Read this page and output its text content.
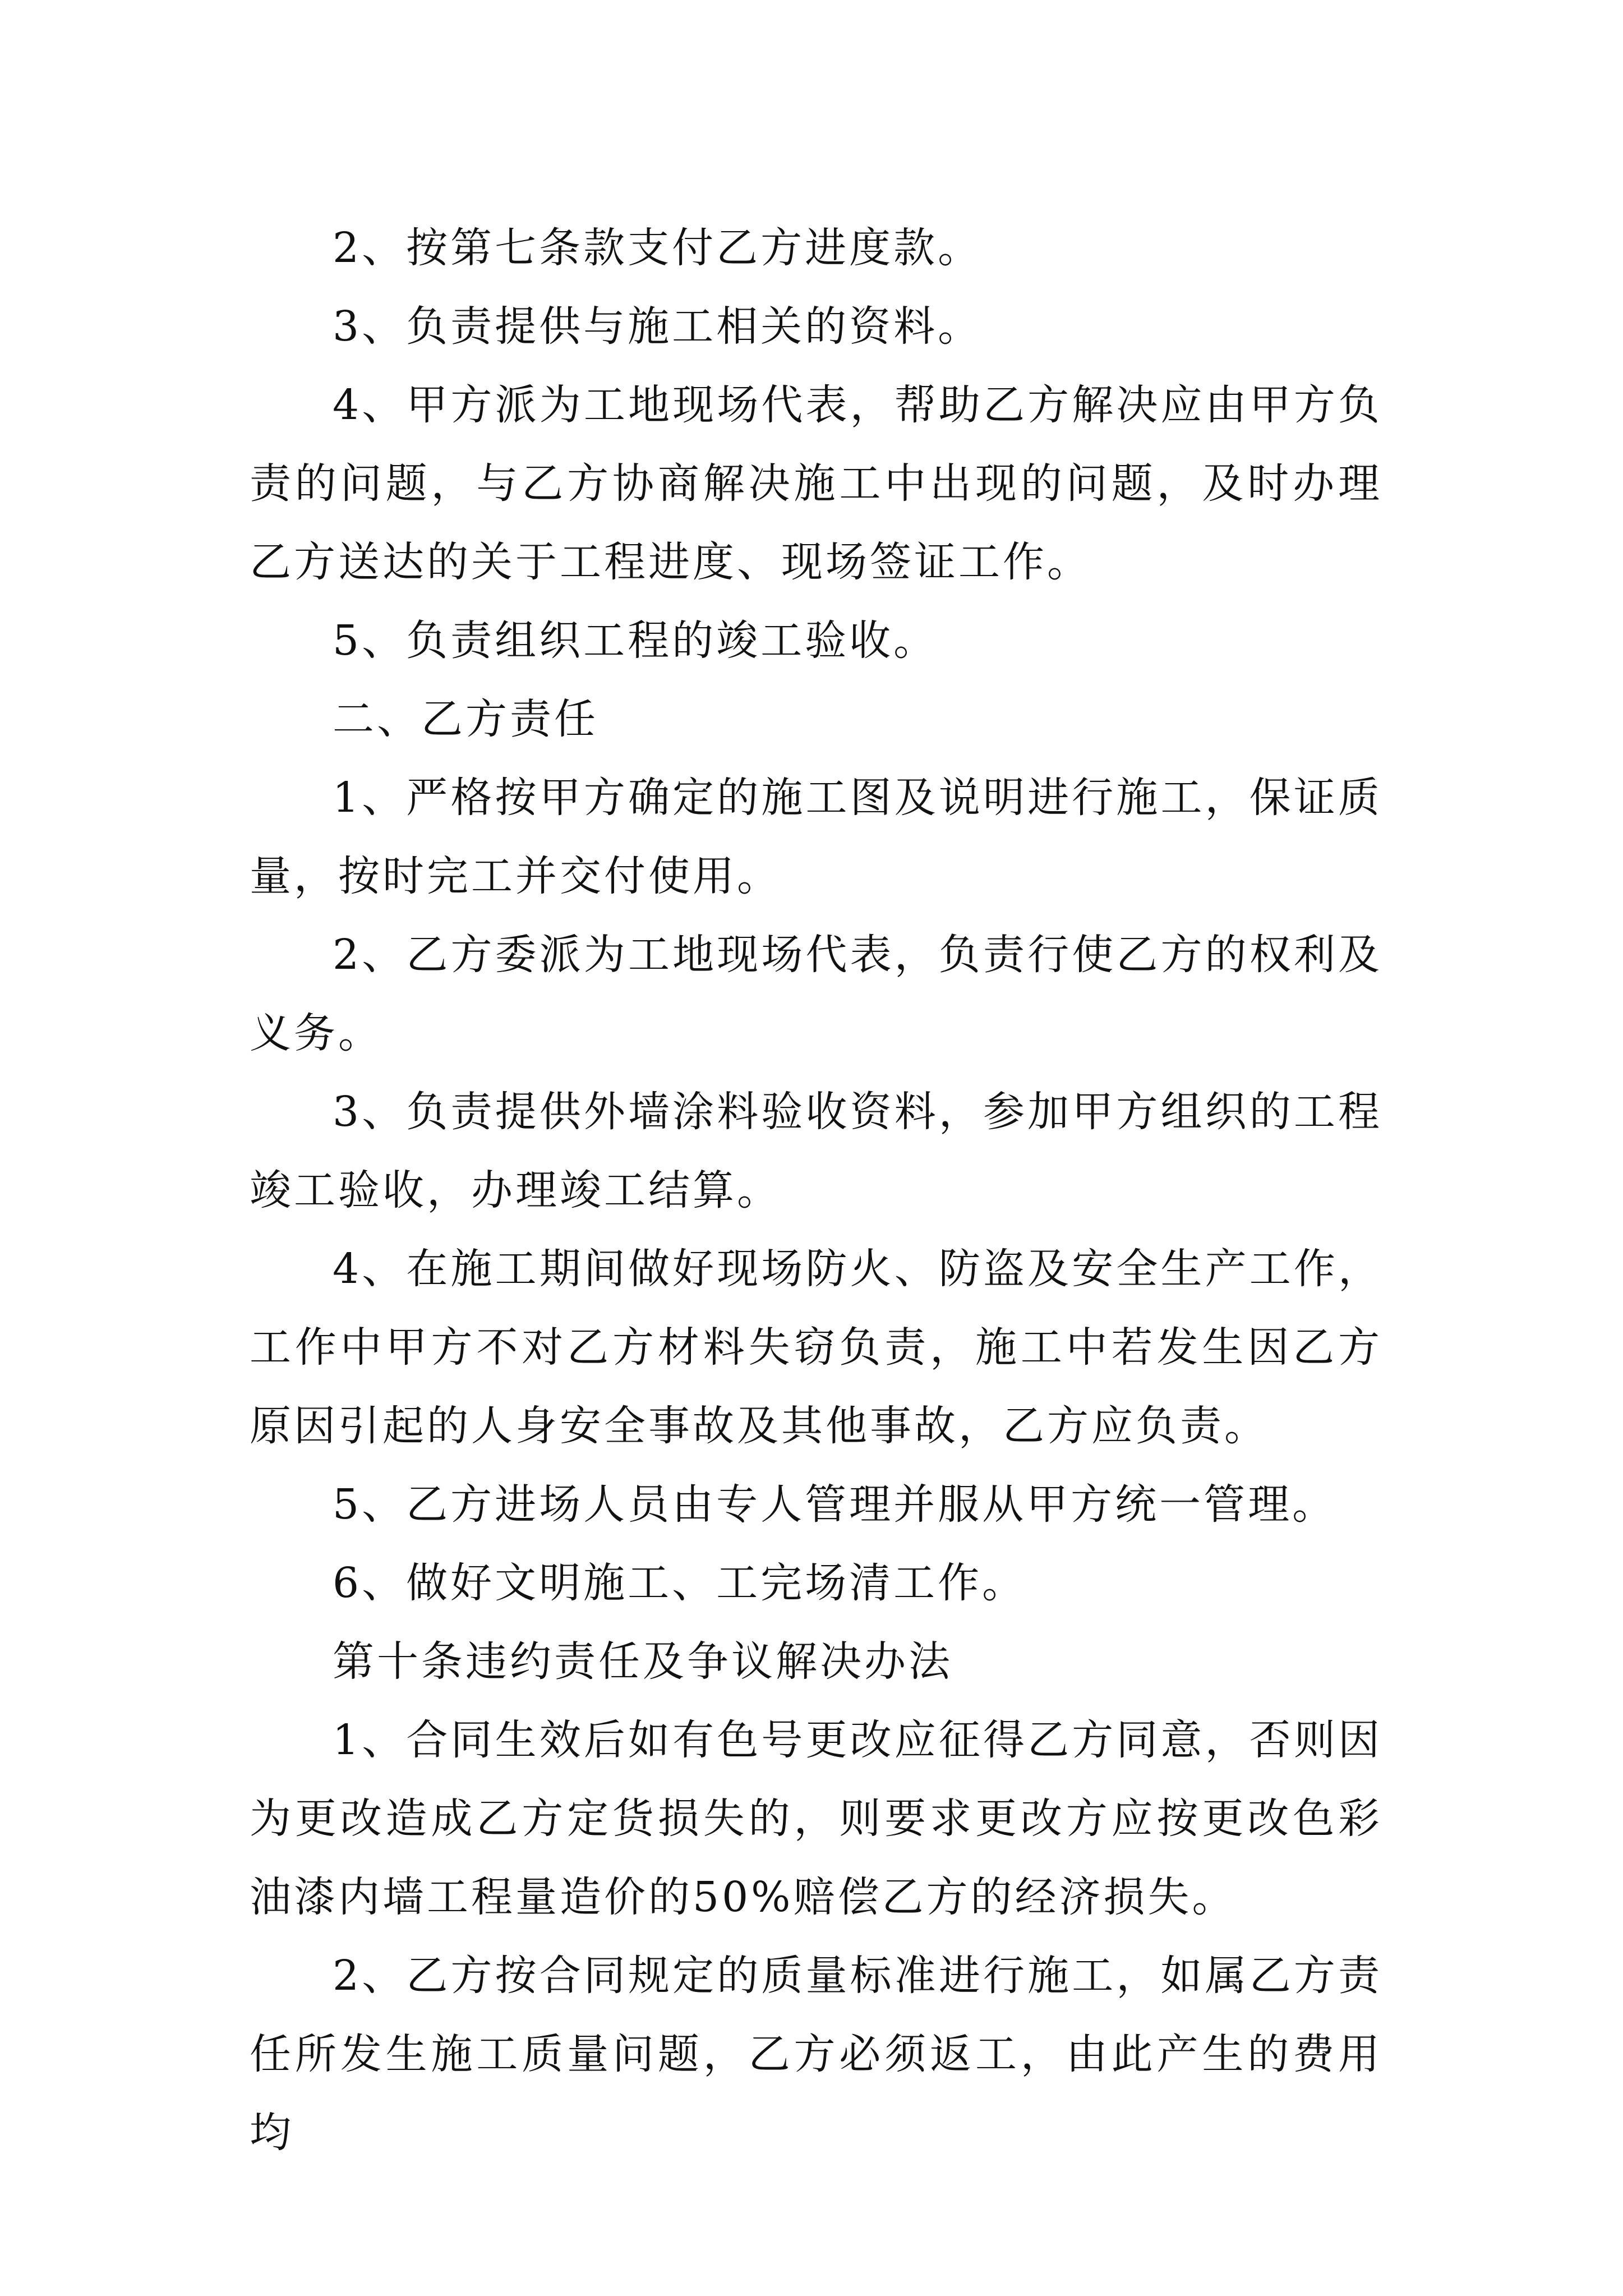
2、按第七条款支付乙方进度款。

3、负责提供与施工相关的资料。

4、甲方派为工地现场代表，帮助乙方解决应由甲方负责的问题，与乙方协商解决施工中出现的问题，及时办理乙方送达的关于工程进度、现场签证工作。

5、负责组织工程的竣工验收。

二、乙方责任

1、严格按甲方确定的施工图及说明进行施工，保证质量，按时完工并交付使用。

2、乙方委派为工地现场代表，负责行使乙方的权利及义务。

3、负责提供外墙涂料验收资料，参加甲方组织的工程竣工验收，办理竣工结算。

4、在施工期间做好现场防火、防盗及安全生产工作，工作中甲方不对乙方材料失窃负责，施工中若发生因乙方原因引起的人身安全事故及其他事故，乙方应负责。

5、乙方进场人员由专人管理并服从甲方统一管理。

6、做好文明施工、工完场清工作。

第十条违约责任及争议解决办法

1、合同生效后如有色号更改应征得乙方同意，否则因为更改造成乙方定货损失的，则要求更改方应按更改色彩油漆内墙工程量造价的50%赔偿乙方的经济损失。

2、乙方按合同规定的质量标准进行施工，如属乙方责任所发生施工质量问题，乙方必须返工，由此产生的费用均
